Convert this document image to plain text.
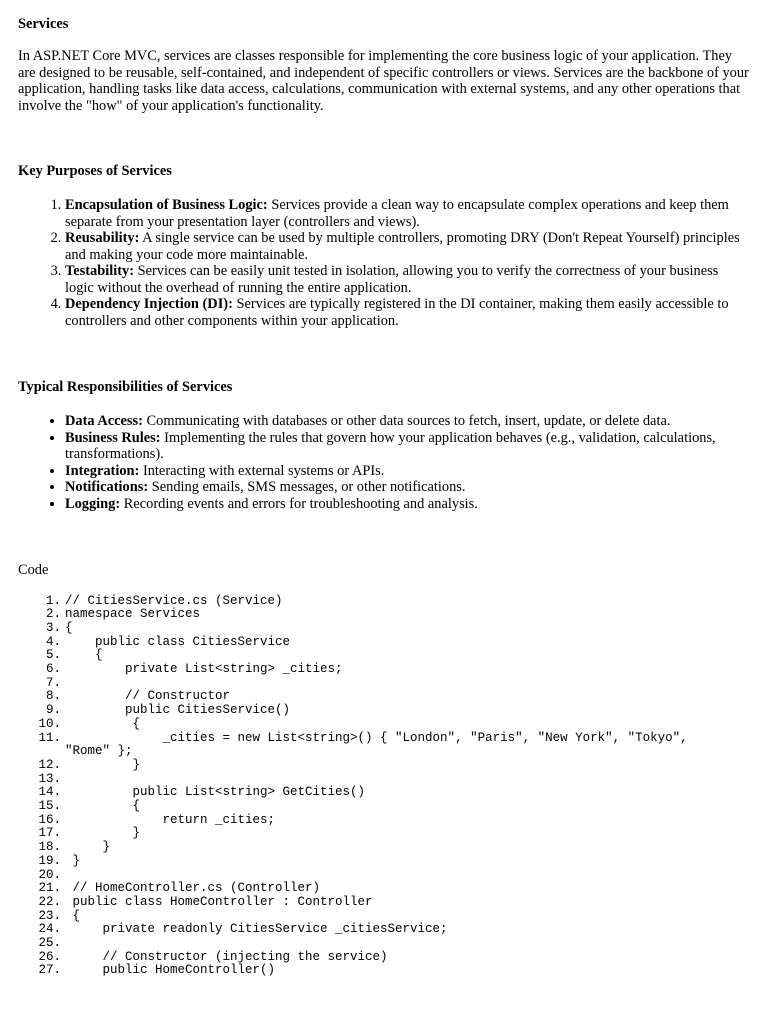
Services

In ASP.NET Core MVC, services are classes responsible for implementing the core business logic of your application. They are designed to be reusable, self-contained, and independent of specific controllers or views. Services are the backbone of your application, handling tasks like data access, calculations, communication with external systems, and any other operations that involve the "how" of your application's functionality.

Key Purposes of Services
1. Encapsulation of Business Logic: Services provide a clean way to encapsulate complex operations and keep them separate from your presentation layer (controllers and views).
2. Reusability: A single service can be used by multiple controllers, promoting DRY (Don't Repeat Yourself) principles and making your code more maintainable.
3. Testability: Services can be easily unit tested in isolation, allowing you to verify the correctness of your business logic without the overhead of running the entire application.
4. Dependency Injection (DI): Services are typically registered in the DI container, making them easily accessible to controllers and other components within your application.
Typical Responsibilities of Services
• Data Access: Communicating with databases or other data sources to fetch, insert, update, or delete data.
• Business Rules: Implementing the rules that govern how your application behaves (e.g., validation, calculations, transformations).
• Integration: Interacting with external systems or APIs.
• Notifications: Sending emails, SMS messages, or other notifications.
• Logging: Recording events and errors for troubleshooting and analysis.

Code

1 . // CitiesService.cs (Service)
2 . namespace Services
3 . {
4 . public class CitiesService
5 . {
6 . private List<string> _cities;
7 .
8 . // Constructor
9 . public CitiesService()
10 . {
11 . _cities = new List<string>() { "London", "Paris", "New York", "Tokyo",
"Rome" };
12 . }
13 .
14 . public List<string> GetCities()
15 . {
16 . return _cities;
17 . }
18 . }
19 . }
20 .
21 . // HomeController.cs (Controller)
22 . public class HomeController : Controller
23 . {
24 . private readonly CitiesService _citiesService;
25 .
26 . // Constructor (injecting the service)
27 . public HomeController()
